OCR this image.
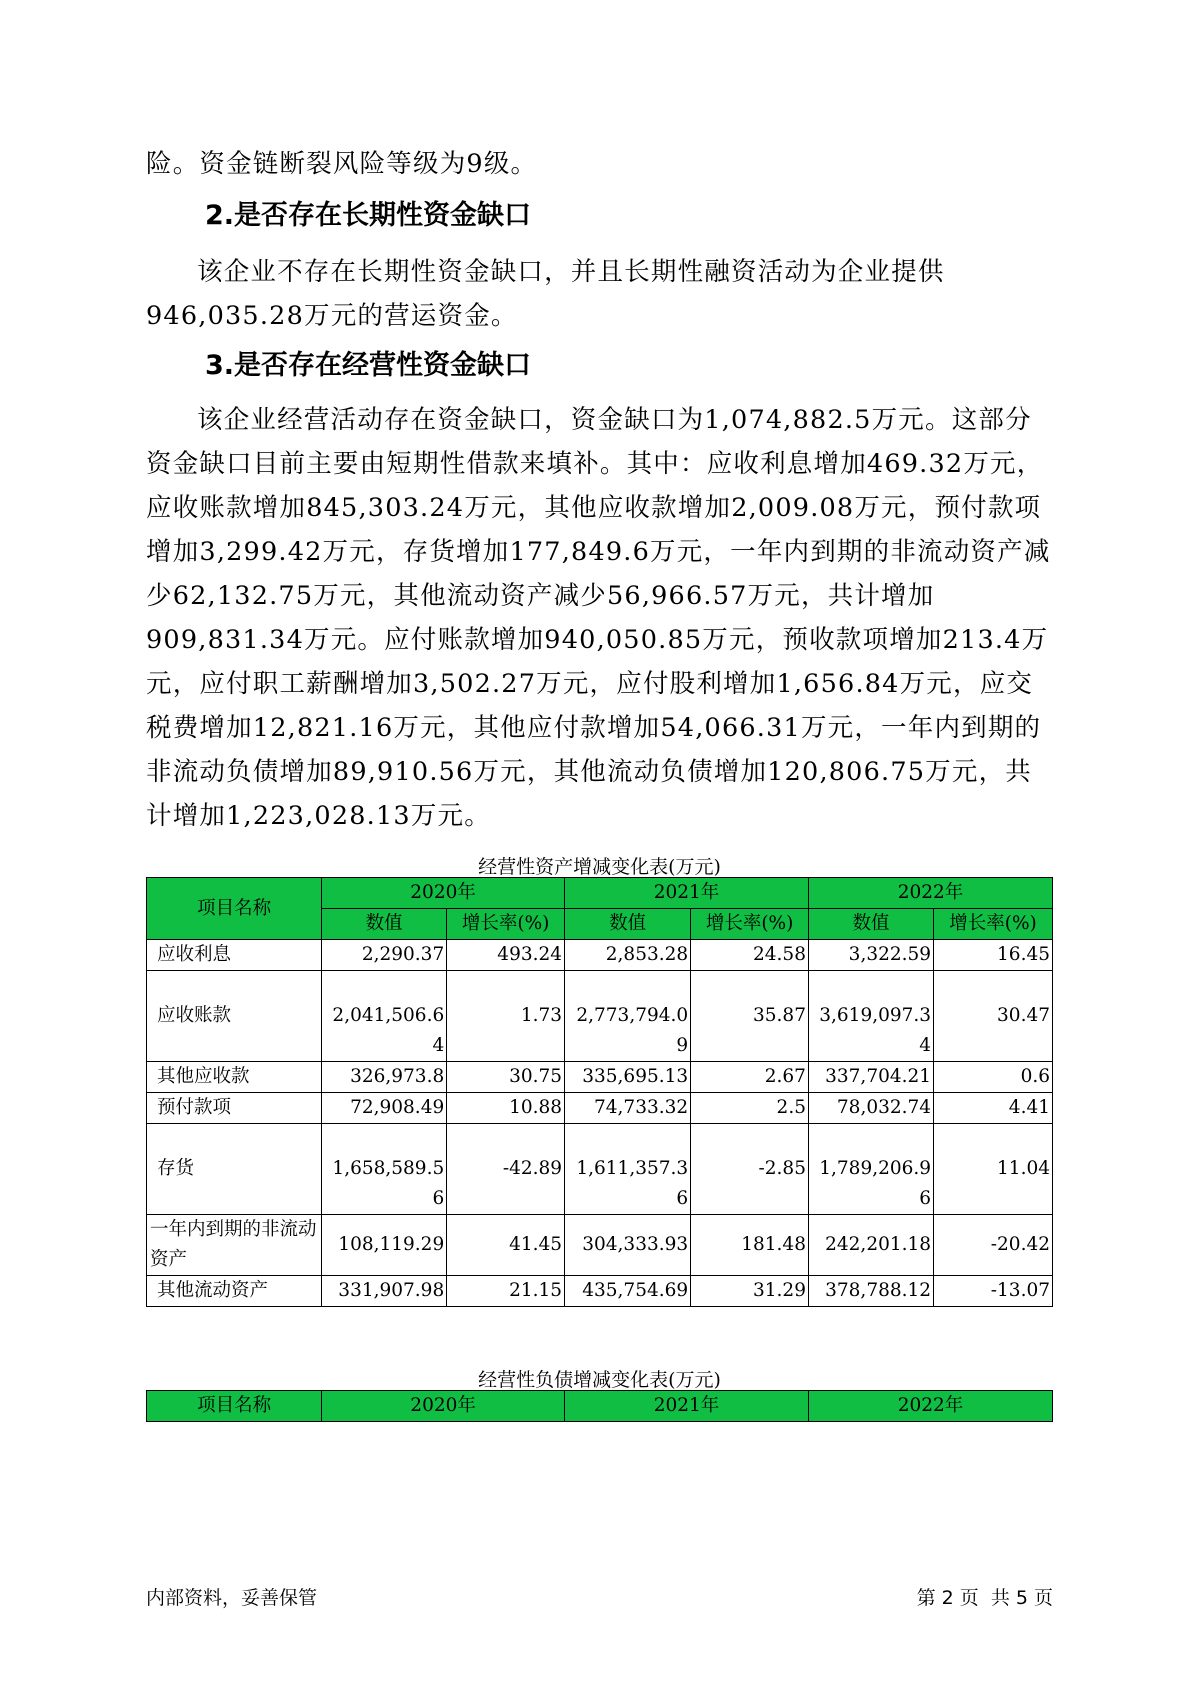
险。资金链断裂风险等级为9级。

2.是否存在长期性资金缺口

该企业不存在长期性资金缺口，并且长期性融资活动为企业提供946,035.28万元的营运资金。

3.是否存在经营性资金缺口

该企业经营活动存在资金缺口，资金缺口为1,074,882.5万元。这部分资金缺口目前主要由短期性借款来填补。其中：应收利息增加469.32万元，应收账款增加845,303.24万元，其他应收款增加2,009.08万元，预付款项增加3,299.42万元，存货增加177,849.6万元，一年内到期的非流动资产减少62,132.75万元，其他流动资产减少56,966.57万元，共计增加909,831.34万元。应付账款增加940,050.85万元，预收款项增加213.4万元，应付职工薪酬增加3,502.27万元，应付股利增加1,656.84万元，应交税费增加12,821.16万元，其他应付款增加54,066.31万元，一年内到期的非流动负债增加89,910.56万元，其他流动负债增加120,806.75万元，共计增加1,223,028.13万元。

经营性资产增减变化表(万元)

项目名称	2020年		2021年		2022年	
	数值	增长率(%)	数值	增长率(%)	数值	增长率(%)
应收利息	2,290.37	493.24	2,853.28	24.58	3,322.59	16.45
应收账款	2,041,506.64	1.73	2,773,794.09	35.87	3,619,097.34	30.47
其他应收款	326,973.8	30.75	335,695.13	2.67	337,704.21	0.6
预付款项	72,908.49	10.88	74,733.32	2.5	78,032.74	4.41
存货	1,658,589.56	-42.89	1,611,357.36	-2.85	1,789,206.96	11.04
一年内到期的非流动资产	108,119.29	41.45	304,333.93	181.48	242,201.18	-20.42
其他流动资产	331,907.98	21.15	435,754.69	31.29	378,788.12	-13.07

经营性负债增减变化表(万元)

项目名称	2020年	2021年	2022年

内部资料，妥善保管	第 2 页  共 5 页
